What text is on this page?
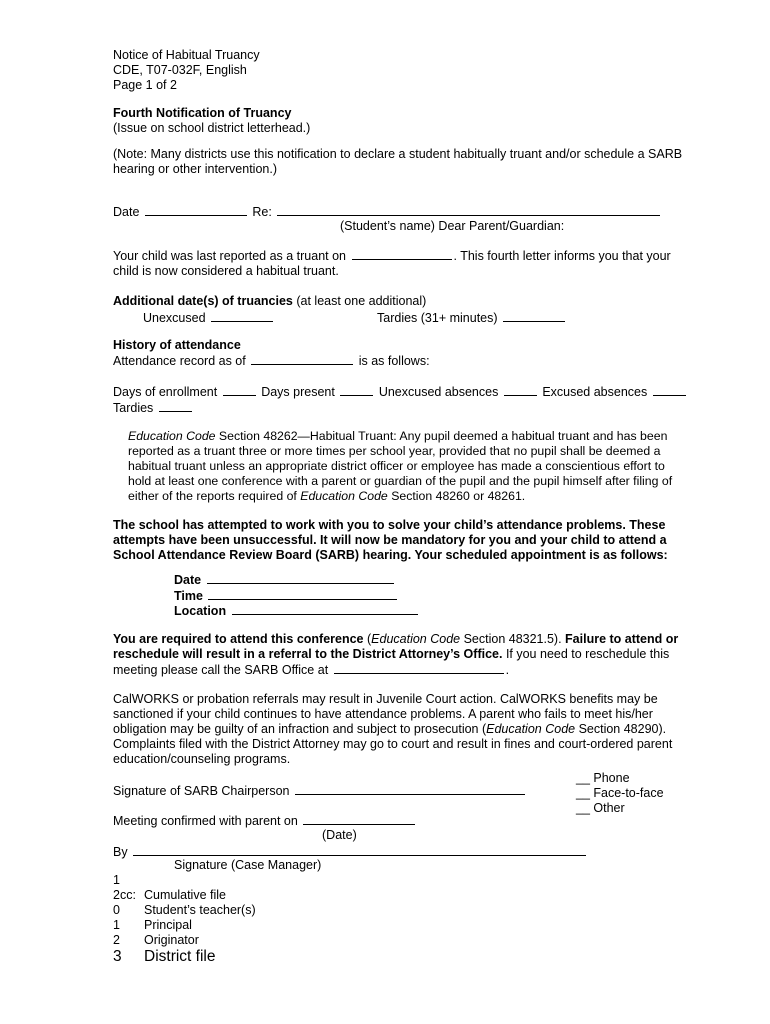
Notice of Habitual Truancy
CDE, T07-032F, English
Page 1 of 2
Fourth Notification of Truancy
(Issue on school district letterhead.)
(Note: Many districts use this notification to declare a student habitually truant and/or schedule a SARB hearing or other intervention.)
Date	Re:
(Student’s name) Dear Parent/Guardian:
Your child was last reported as a truant on	. This fourth letter informs you that your child is now considered a habitual truant.
Additional date(s) of truancies (at least one additional)
Unexcused	Tardies (31+ minutes)
History of attendance
Attendance record as of	is as follows:
Days of enrollment	Days present	Unexcused absences	Excused absences
Tardies
Education Code Section 48262—Habitual Truant: Any pupil deemed a habitual truant and has been reported as a truant three or more times per school year, provided that no pupil shall be deemed a habitual truant unless an appropriate district officer or employee has made a conscientious effort to hold at least one conference with a parent or guardian of the pupil and the pupil himself after filing of either of the reports required of Education Code Section 48260 or 48261.
The school has attempted to work with you to solve your child’s attendance problems. These attempts have been unsuccessful. It will now be mandatory for you and your child to attend a School Attendance Review Board (SARB) hearing. Your scheduled appointment is as follows:
Date
Time
Location
You are required to attend this conference (Education Code Section 48321.5). Failure to attend or reschedule will result in a referral to the District Attorney’s Office. If you need to reschedule this meeting please call the SARB Office at	.
CalWORKS or probation referrals may result in Juvenile Court action. CalWORKS benefits may be sanctioned if your child continues to have attendance problems. A parent who fails to meet his/her obligation may be guilty of an infraction and subject to prosecution (Education Code Section 48290). Complaints filed with the District Attorney may go to court and result in fines and court-ordered parent education/counseling programs.
Signature of SARB Chairperson
__ Phone
__ Face-to-face
__ Other
Meeting confirmed with parent on
(Date)
By
Signature (Case Manager)
1
2cc: Cumulative file
0 Student’s teacher(s)
1 Principal
2 Originator
3 District file
